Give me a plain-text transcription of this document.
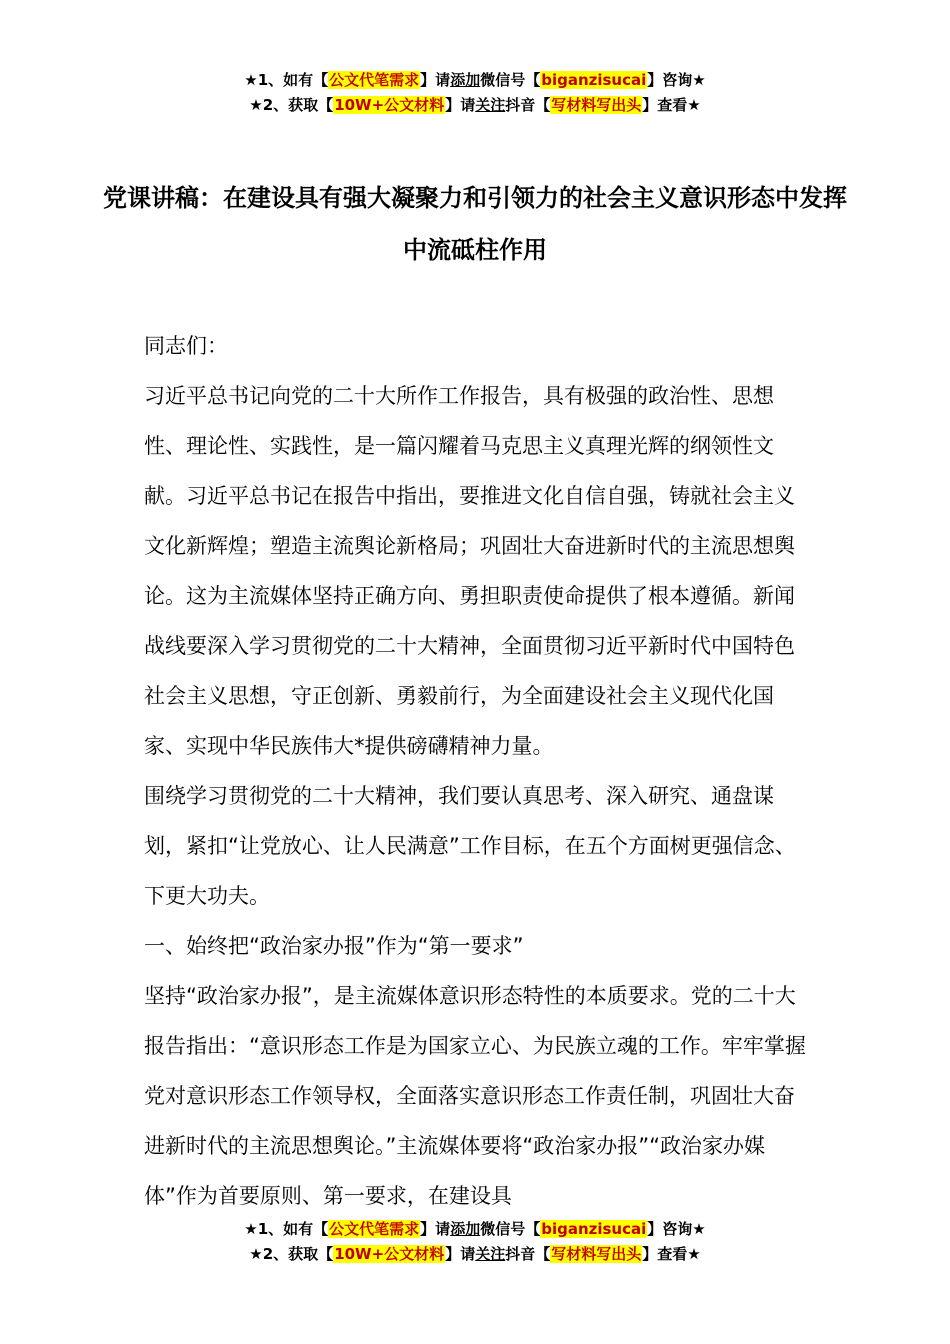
★1、如有【公文代笔需求】请添加微信号【biganzisucai】咨询★
★2、获取【10W+公文材料】请关注抖音【写材料写出头】查看★
党课讲稿：在建设具有强大凝聚力和引领力的社会主义意识形态中发挥中流砥柱作用

同志们：

习近平总书记向党的二十大所作工作报告，具有极强的政治性、思想性、理论性、实践性，是一篇闪耀着马克思主义真理光辉的纲领性文献。习近平总书记在报告中指出，要推进文化自信自强，铸就社会主义文化新辉煌；塑造主流舆论新格局；巩固壮大奋进新时代的主流思想舆论。这为主流媒体坚持正确方向、勇担职责使命提供了根本遵循。新闻战线要深入学习贯彻党的二十大精神，全面贯彻习近平新时代中国特色社会主义思想，守正创新、勇毅前行，为全面建设社会主义现代化国家、实现中华民族伟大*提供磅礴精神力量。

围绕学习贯彻党的二十大精神，我们要认真思考、深入研究、通盘谋划，紧扣“让党放心、让人民满意”工作目标，在五个方面树更强信念、下更大功夫。

一、始终把“政治家办报”作为“第一要求”

坚持“政治家办报”，是主流媒体意识形态特性的本质要求。党的二十大报告指出：“意识形态工作是为国家立心、为民族立魂的工作。牢牢掌握党对意识形态工作领导权，全面落实意识形态工作责任制，巩固壮大奋进新时代的主流思想舆论。”主流媒体要将“政治家办报”“政治家办媒体”作为首要原则、第一要求，在建设具

★1、如有【公文代笔需求】请添加微信号【biganzisucai】咨询★
★2、获取【10W+公文材料】请关注抖音【写材料写出头】查看★
